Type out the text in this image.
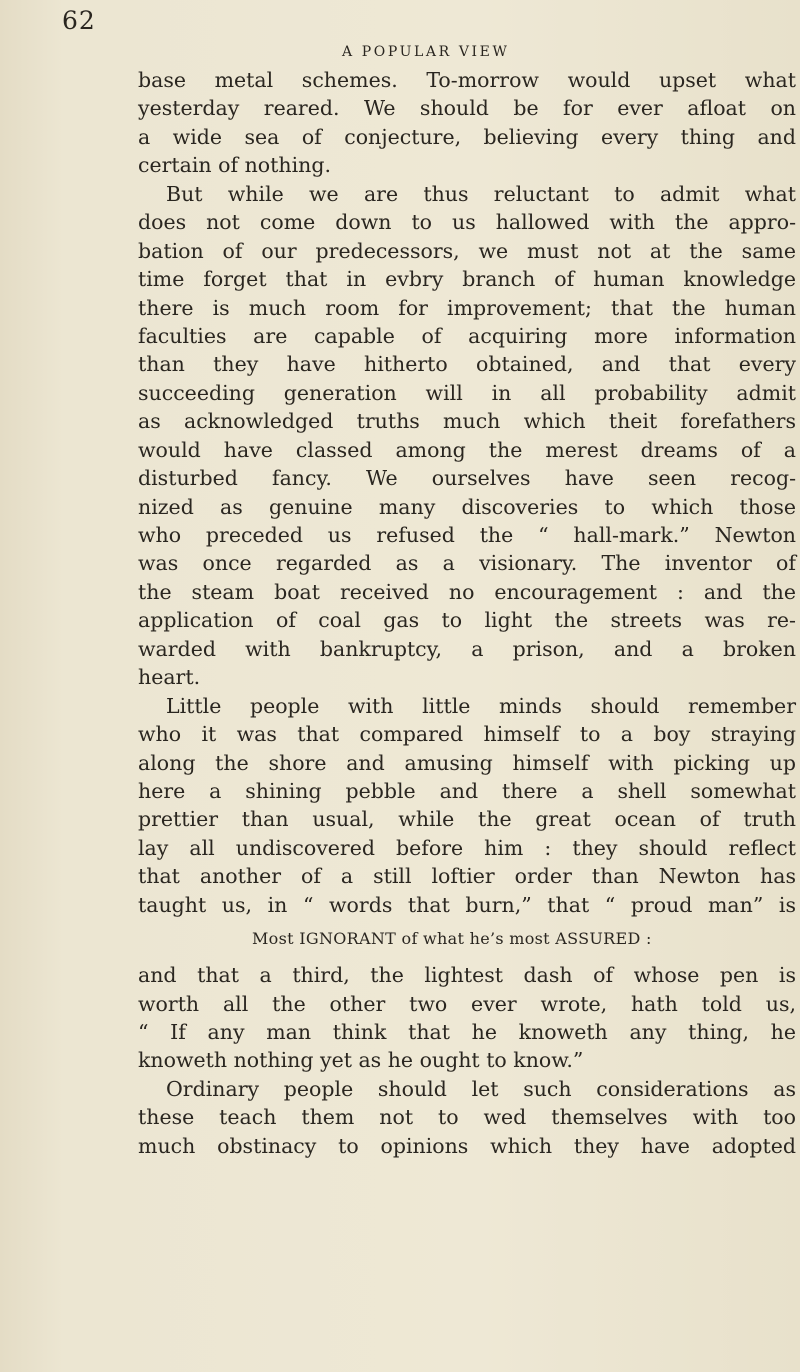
62
A POPULAR VIEW
base metal schemes. To-morrow would upset what
yesterday reared. We should be for ever afloat on
a wide sea of conjecture, believing every thing and
certain of nothing.
But while we are thus reluctant to admit what
does not come down to us hallowed with the appro-
bation of our predecessors, we must not at the same
time forget that in evbry branch of human knowledge
there is much room for improvement; that the human
faculties are capable of acquiring more information
than they have hitherto obtained, and that every
succeeding generation will in all probability admit
as acknowledged truths much which theit forefathers
would have classed among the merest dreams of a
disturbed fancy. We ourselves have seen recog-
nized as genuine many discoveries to which those
who preceded us refused the “ hall-mark.” Newton
was once regarded as a visionary. The inventor of
the steam boat received no encouragement : and the
application of coal gas to light the streets was re-
warded with bankruptcy, a prison, and a broken
heart.
Little people with little minds should remember
who it was that compared himself to a boy straying
along the shore and amusing himself with picking up
here a shining pebble and there a shell somewhat
prettier than usual, while the great ocean of truth
lay all undiscovered before him : they should reflect
that another of a still loftier order than Newton has
taught us, in “ words that burn,” that “ proud man” is
Most IGNORANT of what he’s most ASSURED :
and that a third, the lightest dash of whose pen is
worth all the other two ever wrote, hath told us,
“ If any man think that he knoweth any thing, he
knoweth nothing yet as he ought to know.”
Ordinary people should let such considerations as
these teach them not to wed themselves with too
much obstinacy to opinions which they have adopted
